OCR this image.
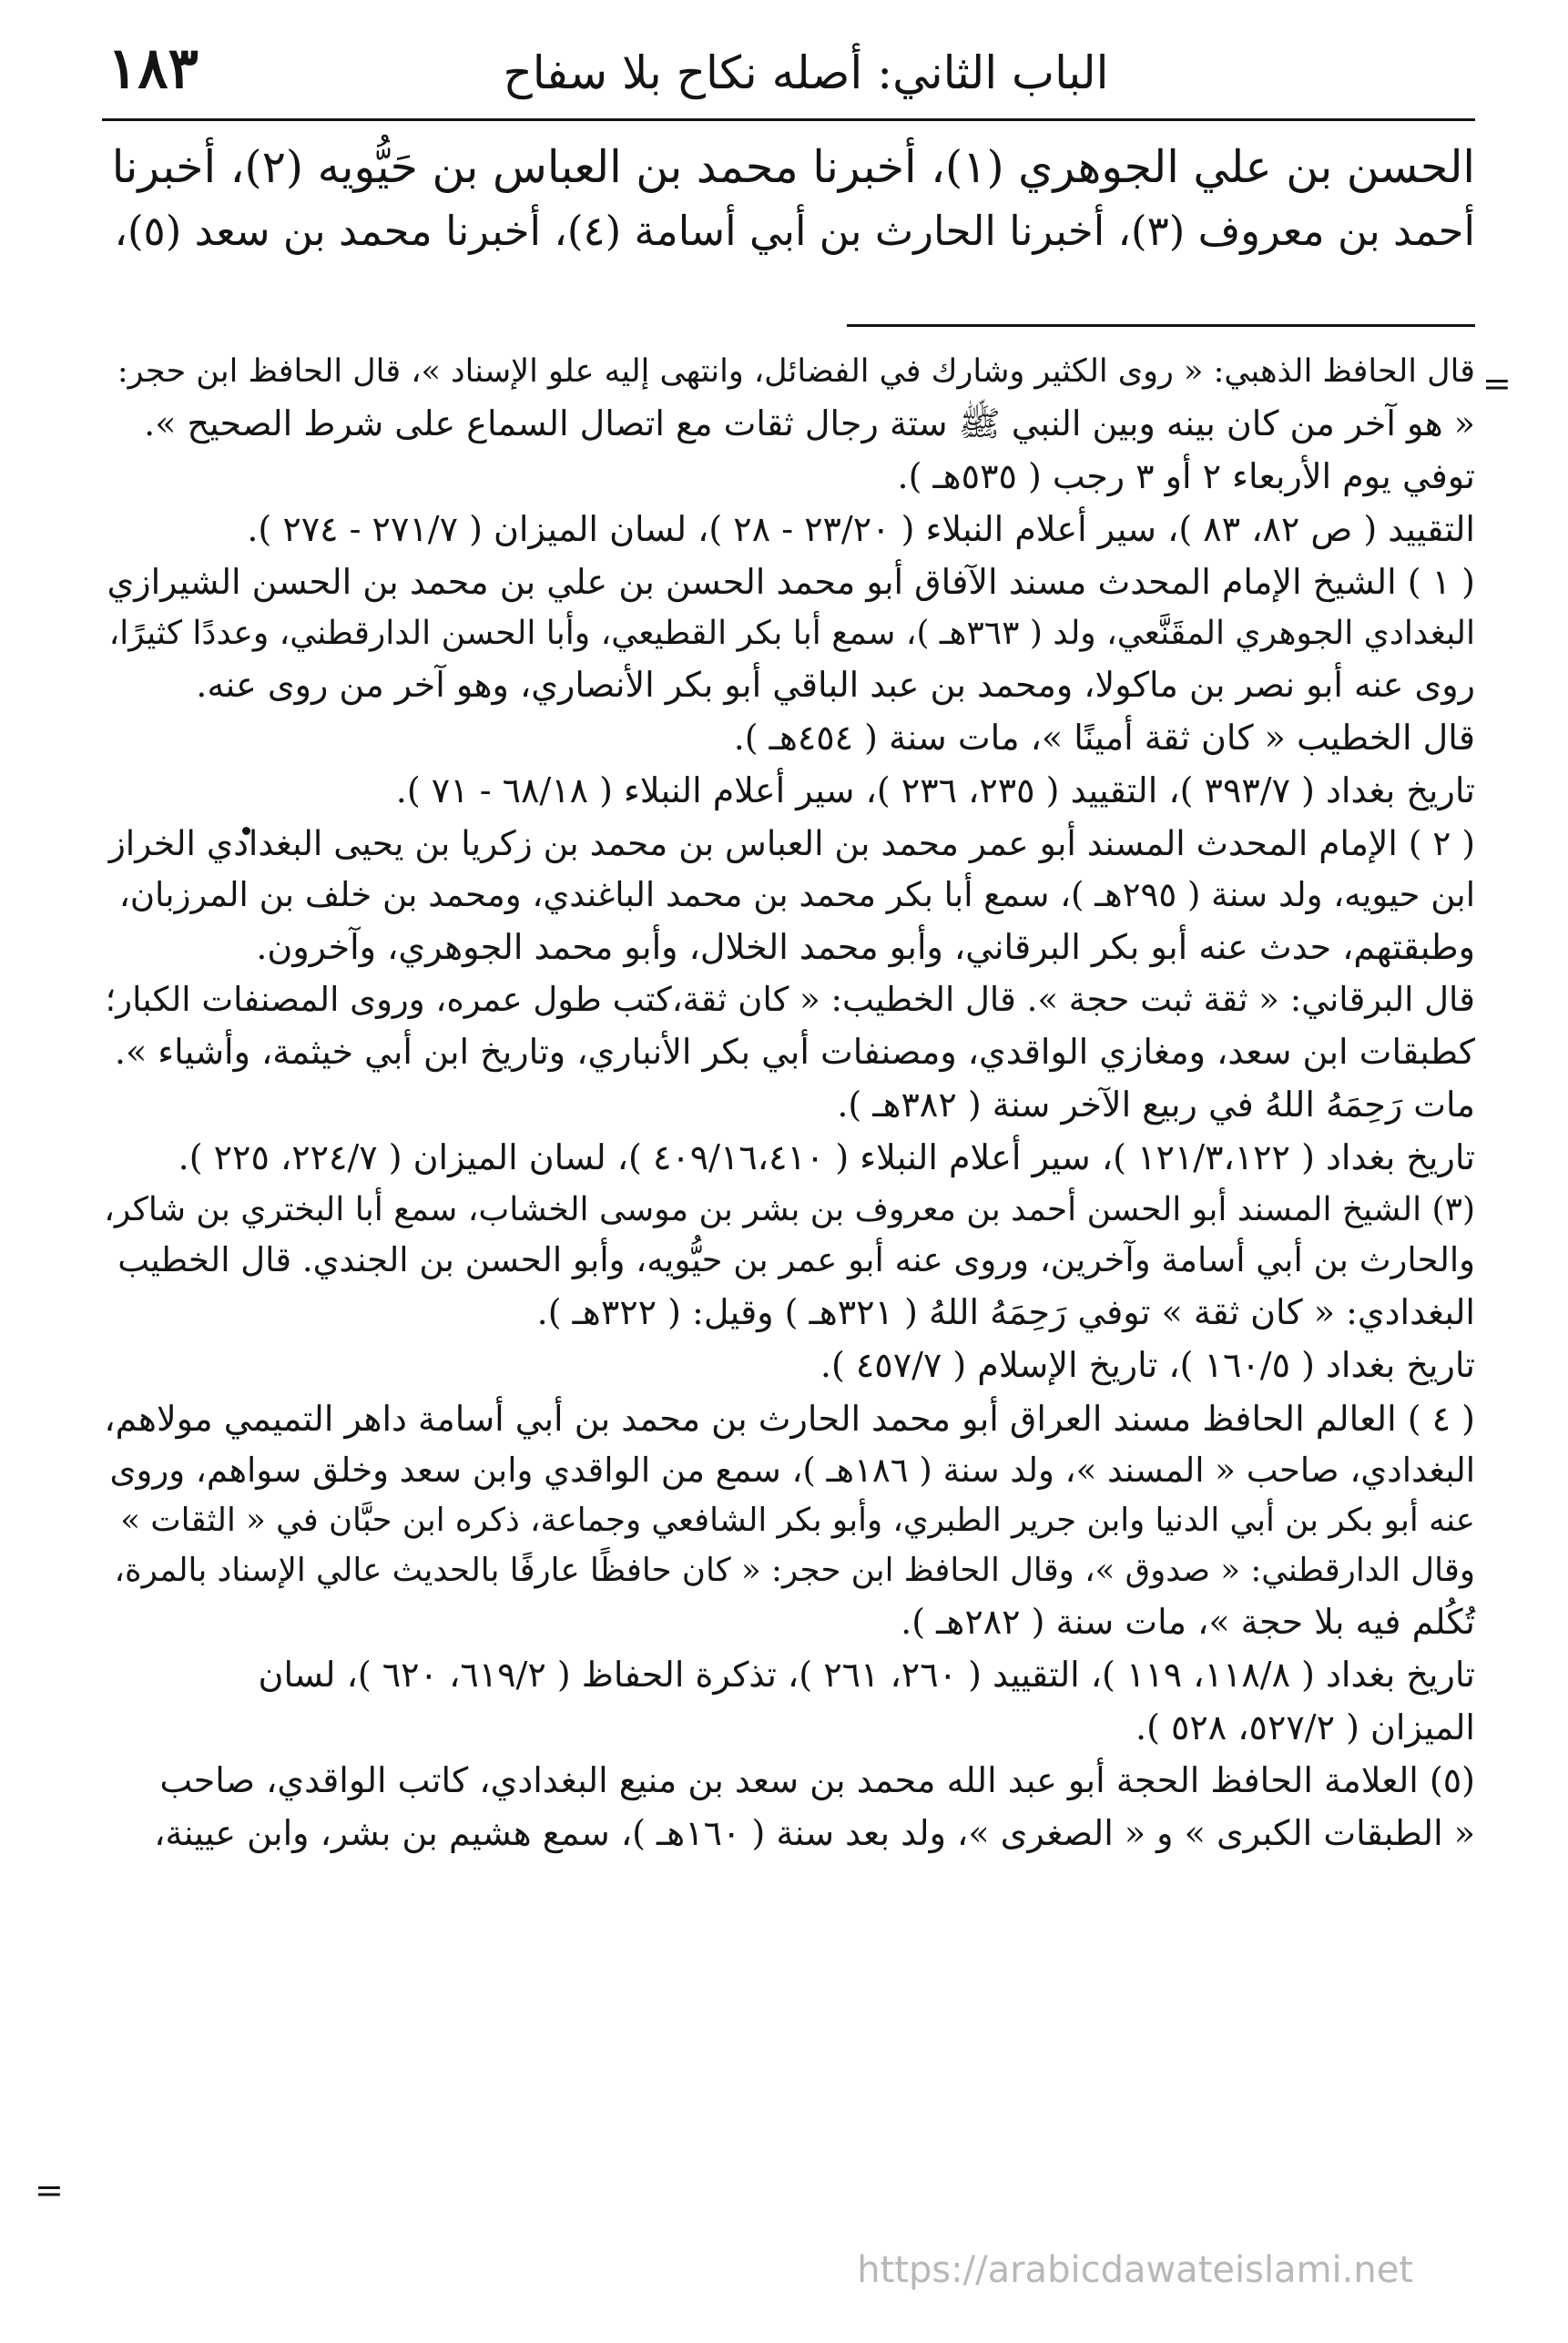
١٨٣	الباب الثاني: أصله نكاح بلا سفاح

الحسن بن علي الجوهري (١)، أخبرنا محمد بن العباس بن حَيُّويه (٢)، أخبرنا

أحمد بن معروف (٣)، أخبرنا الحارث بن أبي أسامة (٤)، أخبرنا محمد بن سعد (٥)،

=

قال الحافظ الذهبي: « روى الكثير وشارك في الفضائل، وانتهى إليه علو الإسناد »، قال الحافظ ابن حجر:

« هو آخر من كان بينه وبين النبي ﷺ ستة رجال ثقات مع اتصال السماع على شرط الصحيح ».

توفي يوم الأربعاء ٢ أو ٣ رجب ( ٥٣٥هـ ).

التقييد ( ص ٨٢، ٨٣ )، سير أعلام النبلاء ( ٢٣/٢٠ - ٢٨ )، لسان الميزان ( ٢٧١/٧ - ٢٧٤ ).

( ١ ) الشيخ الإمام المحدث مسند الآفاق أبو محمد الحسن بن علي بن محمد بن الحسن الشيرازي

البغدادي الجوهري المقَنَّعي، ولد ( ٣٦٣هـ )، سمع أبا بكر القطيعي، وأبا الحسن الدارقطني، وعددًا كثيرًا،

روى عنه أبو نصر بن ماكولا، ومحمد بن عبد الباقي أبو بكر الأنصاري، وهو آخر من روى عنه.

قال الخطيب « كان ثقة أمينًا »، مات سنة ( ٤٥٤هـ ).

تاريخ بغداد ( ٣٩٣/٧ )، التقييد ( ٢٣٥، ٢٣٦ )، سير أعلام النبلاء ( ٦٨/١٨ - ٧١ ).

( ٢ ) الإمام المحدث المسند أبو عمر محمد بن العباس بن محمد بن زكريا بن يحيى البغدادي الخراز

ابن حيويه، ولد سنة ( ٢٩٥هـ )، سمع أبا بكر محمد بن محمد الباغندي، ومحمد بن خلف بن المرزبان،

وطبقتهم، حدث عنه أبو بكر البرقاني، وأبو محمد الخلال، وأبو محمد الجوهري، وآخرون.

قال البرقاني: « ثقة ثبت حجة ». قال الخطيب: « كان ثقة،كتب طول عمره، وروى المصنفات الكبار؛

كطبقات ابن سعد، ومغازي الواقدي، ومصنفات أبي بكر الأنباري، وتاريخ ابن أبي خيثمة، وأشياء ».

مات رَحِمَهُ اللهُ في ربيع الآخر سنة ( ٣٨٢هـ ).

تاريخ بغداد ( ١٢١/٣،١٢٢ )، سير أعلام النبلاء ( ٤٠٩/١٦،٤١٠ )، لسان الميزان ( ٢٢٤/٧، ٢٢٥ ).

(٣) الشيخ المسند أبو الحسن أحمد بن معروف بن بشر بن موسى الخشاب، سمع أبا البختري بن شاكر،

والحارث بن أبي أسامة وآخرين، وروى عنه أبو عمر بن حيُّويه، وأبو الحسن بن الجندي. قال الخطيب

البغدادي: « كان ثقة » توفي رَحِمَهُ اللهُ ( ٣٢١هـ ) وقيل: ( ٣٢٢هـ ).

تاريخ بغداد ( ١٦٠/٥ )، تاريخ الإسلام ( ٤٥٧/٧ ).

( ٤ ) العالم الحافظ مسند العراق أبو محمد الحارث بن محمد بن أبي أسامة داهر التميمي مولاهم،

البغدادي، صاحب « المسند »، ولد سنة ( ١٨٦هـ )، سمع من الواقدي وابن سعد وخلق سواهم، وروى

عنه أبو بكر بن أبي الدنيا وابن جرير الطبري، وأبو بكر الشافعي وجماعة، ذكره ابن حبَّان في « الثقات »

وقال الدارقطني: « صدوق »، وقال الحافظ ابن حجر: « كان حافظًا عارفًا بالحديث عالي الإسناد بالمرة،

تُكُلم فيه بلا حجة »، مات سنة ( ٢٨٢هـ ).

تاريخ بغداد ( ١١٨/٨، ١١٩ )، التقييد ( ٢٦٠، ٢٦١ )، تذكرة الحفاظ ( ٦١٩/٢، ٦٢٠ )، لسان

الميزان ( ٥٢٧/٢، ٥٢٨ ).

(٥) العلامة الحافظ الحجة أبو عبد الله محمد بن سعد بن منيع البغدادي، كاتب الواقدي، صاحب

« الطبقات الكبرى » و « الصغرى »، ولد بعد سنة ( ١٦٠هـ )، سمع هشيم بن بشر، وابن عيينة،

=
https://arabicdawateislami.net
